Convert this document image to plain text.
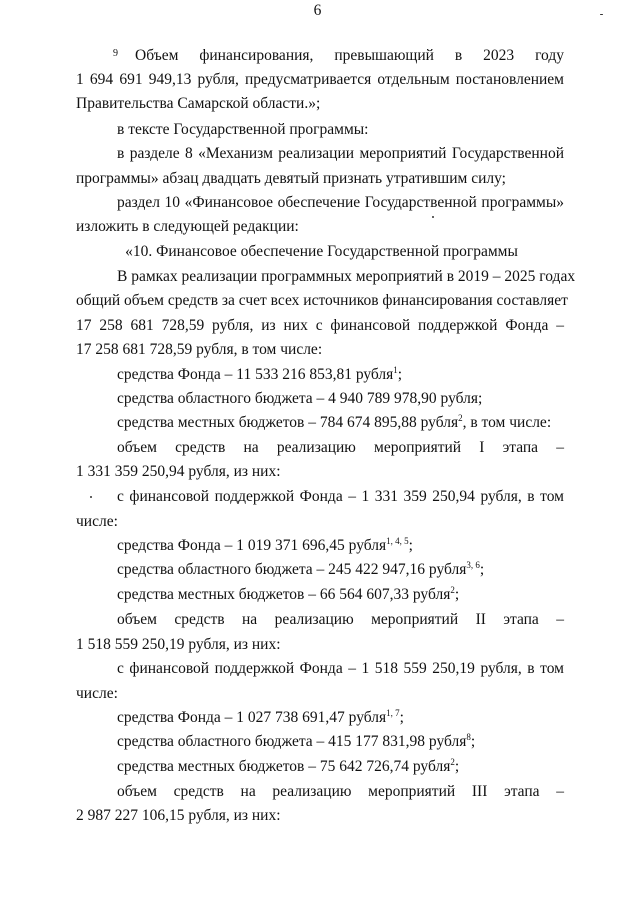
6
9 Объем финансирования, превышающий в 2023 году
1 694 691 949,13 рубля, предусматривается отдельным постановлением
Правительства Самарской области.»;
в тексте Государственной программы:
в разделе 8 «Механизм реализации мероприятий Государственной
программы» абзац двадцать девятый признать утратившим силу;
раздел 10 «Финансовое обеспечение Государственной программы»
изложить в следующей редакции:
«10. Финансовое обеспечение Государственной программы
В рамках реализации программных мероприятий в 2019 – 2025 годах
общий объем средств за счет всех источников финансирования составляет
17 258 681 728,59 рубля, из них с финансовой поддержкой Фонда –
17 258 681 728,59 рубля, в том числе:
средства Фонда – 11 533 216 853,81 рубля$^1$;
средства областного бюджета – 4 940 789 978,90 рубля;
средства местных бюджетов – 784 674 895,88 рубля$^2$, в том числе:
объем средств на реализацию мероприятий I этапа –
1 331 359 250,94 рубля, из них:
с финансовой поддержкой Фонда – 1 331 359 250,94 рубля, в том
числе:
средства Фонда – 1 019 371 696,45 рубля$^{1, 4, 5}$;
средства областного бюджета – 245 422 947,16 рубля$^{3, 6}$;
средства местных бюджетов – 66 564 607,33 рубля$^2$;
объем средств на реализацию мероприятий II этапа –
1 518 559 250,19 рубля, из них:
с финансовой поддержкой Фонда – 1 518 559 250,19 рубля, в том
числе:
средства Фонда – 1 027 738 691,47 рубля$^{1, 7}$;
средства областного бюджета – 415 177 831,98 рубля$^8$;
средства местных бюджетов – 75 642 726,74 рубля$^2$;
объем средств на реализацию мероприятий III этапа –
2 987 227 106,15 рубля, из них:
